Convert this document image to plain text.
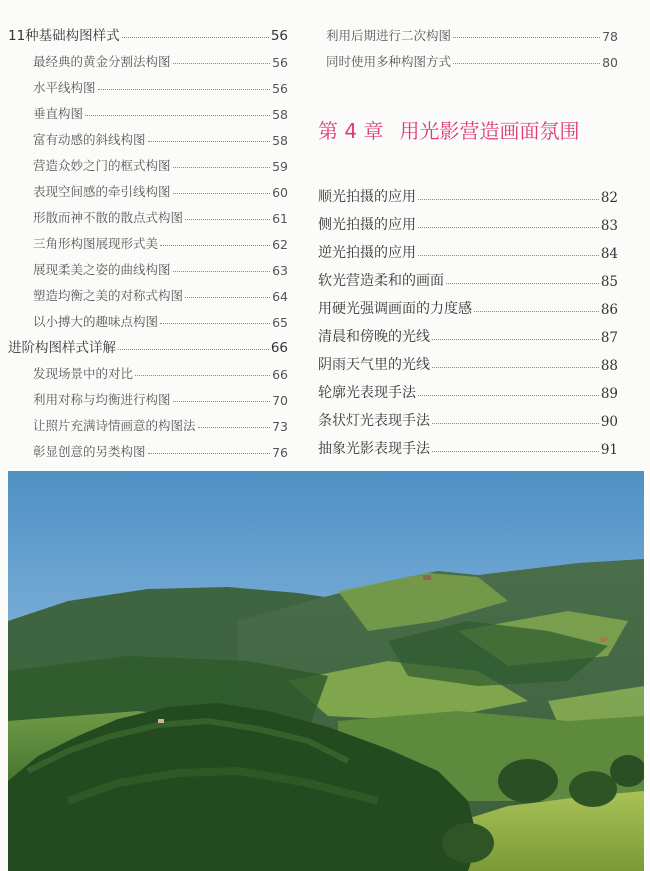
11种基础构图样式	56
最经典的黄金分割法构图	56
水平线构图	56
垂直构图	58
富有动感的斜线构图	58
营造众妙之门的框式构图	59
表现空间感的牵引线构图	60
形散而神不散的散点式构图	61
三角形构图展现形式美	62
展现柔美之姿的曲线构图	63
塑造均衡之美的对称式构图	64
以小搏大的趣味点构图	65
进阶构图样式详解	66
发现场景中的对比	66
利用对称与均衡进行构图	70
让照片充满诗情画意的构图法	73
彰显创意的另类构图	76
利用后期进行二次构图	78
同时使用多种构图方式	80
第 4 章 用光影营造画面氛围
顺光拍摄的应用	82
侧光拍摄的应用	83
逆光拍摄的应用	84
软光营造柔和的画面	85
用硬光强调画面的力度感	86
清晨和傍晚的光线	87
阴雨天气里的光线	88
轮廓光表现手法	89
条状灯光表现手法	90
抽象光影表现手法	91
